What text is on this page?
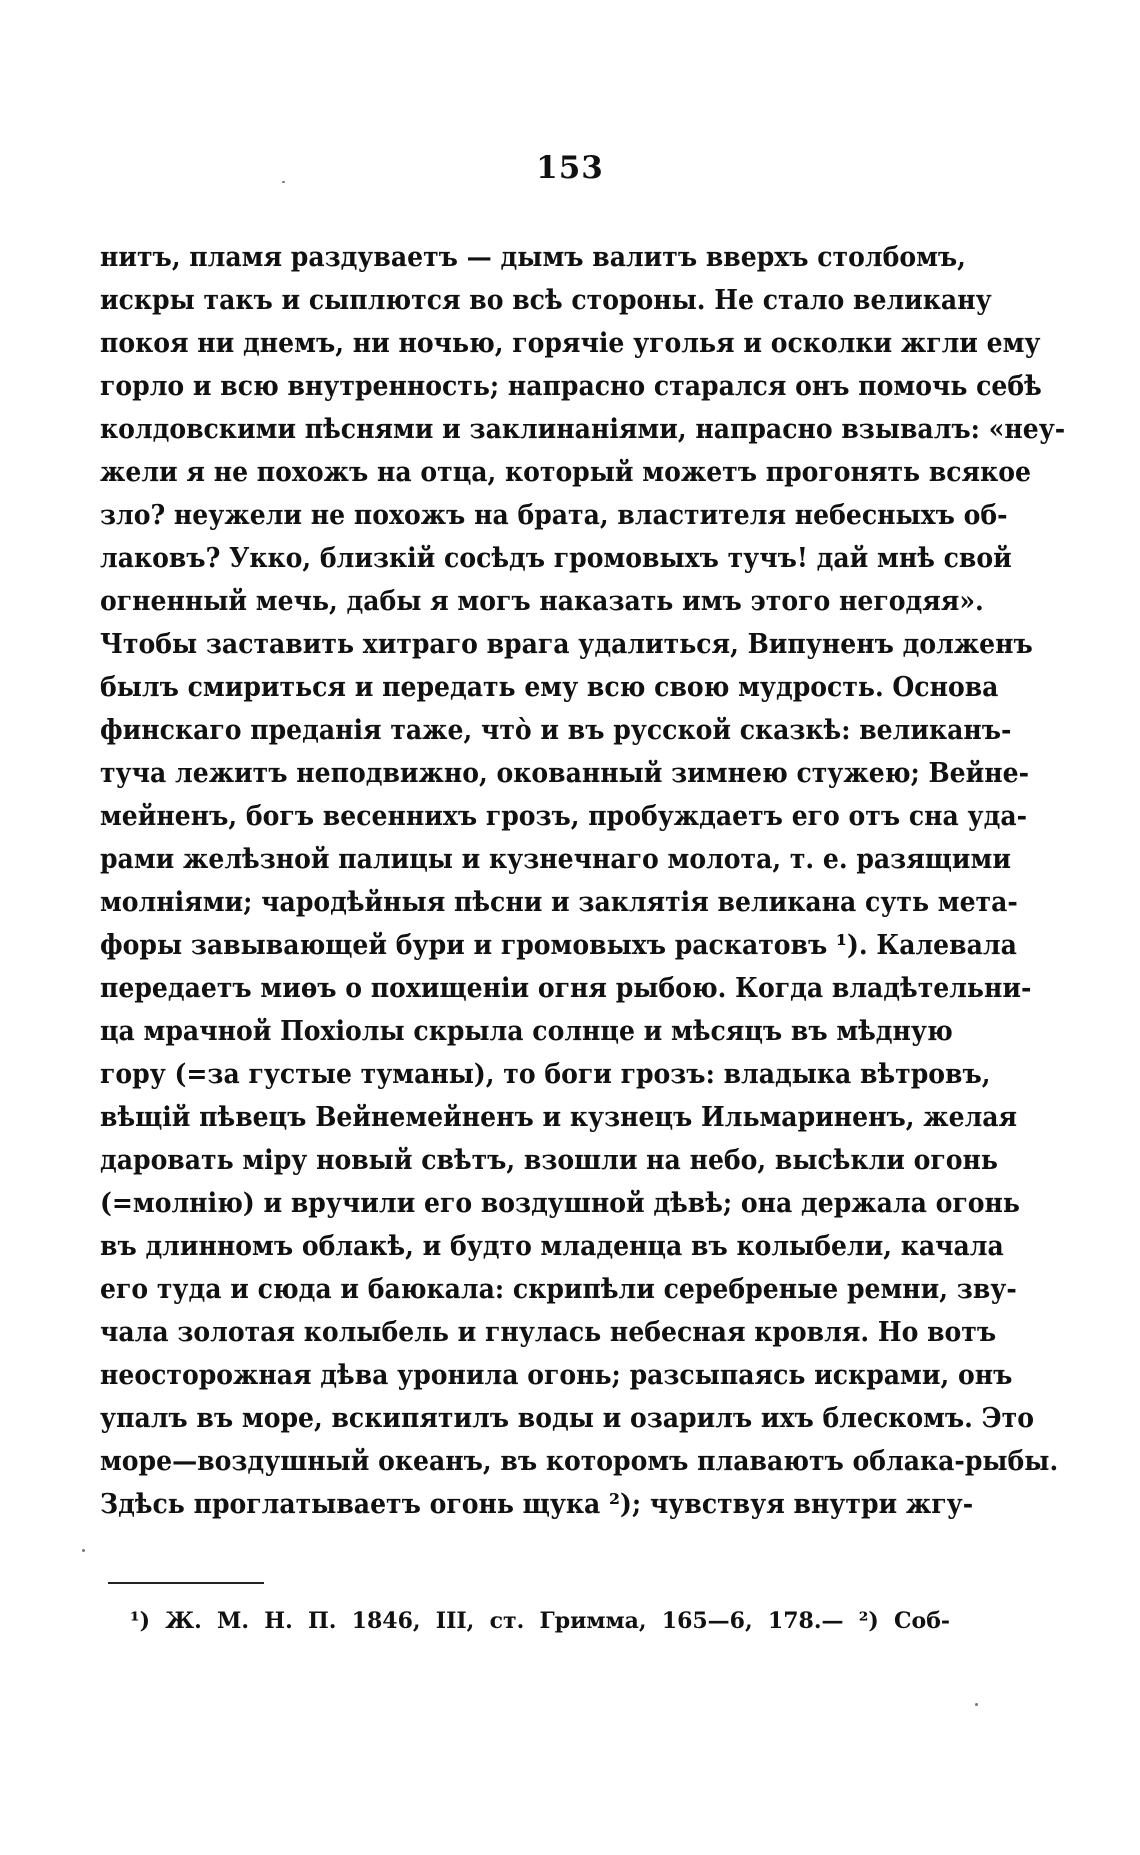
153
нитъ, пламя раздуваетъ — дымъ валитъ вверхъ столбомъ,
искры такъ и сыплются во всѣ стороны. Не стало великану
покоя ни днемъ, ни ночью, горячіе уголья и осколки жгли ему
горло и всю внутренность; напрасно старался онъ помочь себѣ
колдовскими пѣснями и заклинаніями, напрасно взывалъ: «неу-
жели я не похожъ на отца, который можетъ прогонять всякое
зло? неужели не похожъ на брата, властителя небесныхъ об-
лаковъ? Укко, близкій сосѣдъ громовыхъ тучъ! дай мнѣ свой
огненный мечь, дабы я могъ наказать имъ этого негодяя».
Чтобы заставить хитраго врага удалиться, Випуненъ долженъ
былъ смириться и передать ему всю свою мудрость. Основа
финскаго преданія таже, что̀ и въ русской сказкѣ: великанъ-
туча лежитъ неподвижно, окованный зимнею стужею; Вейне-
мейненъ, богъ весеннихъ грозъ, пробуждаетъ его отъ сна уда-
рами желѣзной палицы и кузнечнаго молота, т. е. разящими
молніями; чародѣйныя пѣсни и заклятія великана суть мета-
форы завывающей бури и громовыхъ раскатовъ ¹). Калевала
передаетъ миѳъ о похищеніи огня рыбою. Когда владѣтельни-
ца мрачной Похіолы скрыла солнце и мѣсяцъ въ мѣдную
гору (=за густые туманы), то боги грозъ: владыка вѣтровъ,
вѣщій пѣвецъ Вейнемейненъ и кузнецъ Ильмариненъ, желая
даровать міру новый свѣтъ, взошли на небо, высѣкли огонь
(=молнію) и вручили его воздушной дѣвѣ; она держала огонь
въ длинномъ облакѣ, и будто младенца въ колыбели, качала
его туда и сюда и баюкала: скрипѣли серебреные ремни, зву-
чала золотая колыбель и гнулась небесная кровля. Но вотъ
неосторожная дѣва уронила огонь; разсыпаясь искрами, онъ
упалъ въ море, вскипятилъ воды и озарилъ ихъ блескомъ. Это
море—воздушный океанъ, въ которомъ плаваютъ облака-рыбы.
Здѣсь проглатываетъ огонь щука ²); чувствуя внутри жгу-
¹) Ж. М. Н. П. 1846, III, ст. Гримма, 165—6, 178.— ²) Соб-
